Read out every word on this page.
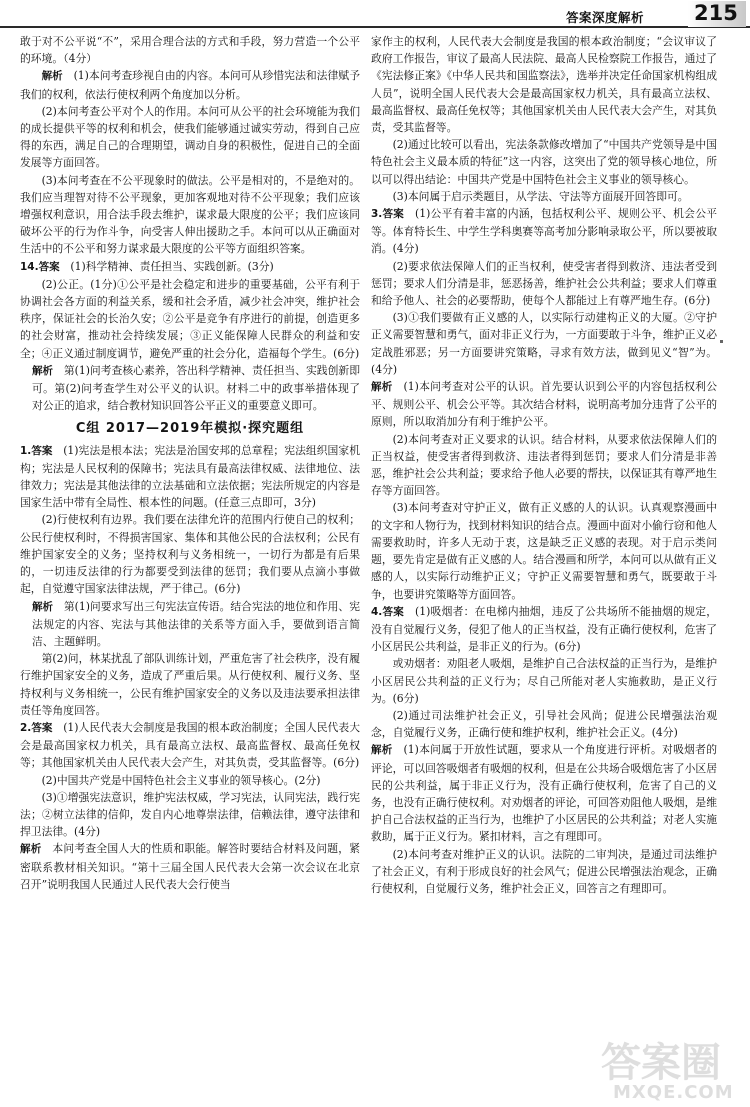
答案深度解析 215

敢于对不公平说“不”，采用合理合法的方式和手段，努力营造一个公平的环境。（4分）

解析　 (1)本问考查珍视自由的内容。本问可从珍惜宪法和法律赋予我们的权利，依法行使权利两个角度加以分析。

(2)本问考查公平对个人的作用。本问可从公平的社会环境能为我们的成长提供平等的权利和机会，使我们能够通过诚实劳动，得到自己应得的东西，满足自己的合理期望，调动自身的积极性，促进自己的全面发展等方面回答。

(3)本问考查在不公平现象时的做法。公平是相对的，不是绝对的。我们应当理智对待不公平现象，更加客观地对待不公平现象；我们应该增强权利意识，用合法手段去维护，谋求最大限度的公平；我们应该同破坏公平的行为作斗争，向受害人伸出援助之手。本问可以从正确面对生活中的不公平和努力谋求最大限度的公平等方面组织答案。

14.答案　 (1)科学精神、责任担当、实践创新。(3分)

(2)公正。(1分)①公平是社会稳定和进步的重要基础，公平有利于协调社会各方面的利益关系，缓和社会矛盾，减少社会冲突，维护社会秩序，保证社会的长治久安；②公平是竞争有序进行的前提，创造更多的社会财富，推动社会持续发展；③正义能保障人民群众的利益和安全；④正义通过制度调节，避免严重的社会分化，造福每个学生。(6分)

解析　 第(1)问考查核心素养，答出科学精神、责任担当、实践创新即可。第(2)问考查学生对公平义的认识。材料二中的政事举措体现了对公正的追求，结合教材知识回答公平正义的重要意义即可。

C组 2017—2019年模拟·探究题组

1.答案　 (1)宪法是根本法；宪法是治国安邦的总章程；宪法组织国家机构；宪法是人民权利的保障书；宪法具有最高法律权威、法律地位、法律效力；宪法是其他法律的立法基础和立法依据；宪法所规定的内容是国家生活中带有全局性、根本性的问题。(任意三点即可，3分)

(2)行使权利有边界。我们要在法律允许的范围内行使自己的权利；公民行使权利时，不得损害国家、集体和其他公民的合法权利；公民有维护国家安全的义务；坚持权利与义务相统一，一切行为都是有后果的，一切违反法律的行为都要受到法律的惩罚；我们要从点滴小事做起，自觉遵守国家法律法规，严于律己。(6分)

解析　 第(1)问要求写出三句宪法宣传语。结合宪法的地位和作用、宪法规定的内容、宪法与其他法律的关系等方面入手，要做到语言简洁、主题鲜明。

第(2)问，林某扰乱了部队训练计划，严重危害了社会秩序，没有履行维护国家安全的义务，造成了严重后果。从行使权利、履行义务、坚持权利与义务相统一，公民有维护国家安全的义务以及违法要承担法律责任等角度回答。

2.答案　 (1)人民代表大会制度是我国的根本政治制度；全国人民代表大会是最高国家权力机关，具有最高立法权、最高监督权、最高任免权等；其他国家机关由人民代表大会产生，对其负责，受其监督等。(6分)

(2)中国共产党是中国特色社会主义事业的领导核心。(2分)

(3)①增强宪法意识，维护宪法权威，学习宪法，认同宪法，践行宪法；②树立法律的信仰，发自内心地尊崇法律，信赖法律，遵守法律和捍卫法律。(4分)

解析　 本问考查全国人大的性质和职能。解答时要结合材料及问题，紧密联系教材相关知识。“第十三届全国人民代表大会第一次会议在北京召开”说明我国人民通过人民代表大会行使当

家作主的权利，人民代表大会制度是我国的根本政治制度；“会议审议了政府工作报告，审议了最高人民法院、最高人民检察院工作报告，通过了《宪法修正案》《中华人民共和国监察法》，选举并决定任命国家机构组成人员”，说明全国人民代表大会是最高国家权力机关，具有最高立法权、最高监督权、最高任免权等；其他国家机关由人民代表大会产生，对其负责，受其监督等。

(2)通过比较可以看出，宪法条款修改增加了“中国共产党领导是中国特色社会主义最本质的特征”这一内容，这突出了党的领导核心地位，所以可以得出结论：中国共产党是中国特色社会主义事业的领导核心。

(3)本问属于启示类题目，从学法、守法等方面展开回答即可。

3.答案　 (1)公平有着丰富的内涵，包括权利公平、规则公平、机会公平等。体育特长生、中学生学科奥赛等高考加分影响录取公平，所以要被取消。(4分)

(2)要求依法保障人们的正当权利，使受害者得到救济、违法者受到惩罚；要求人们分清是非，惩恶扬善，维护社会公共利益；要求人们尊重和给予他人、社会的必要帮助，使每个人都能过上有尊严地生存。(6分)

(3)①我们要做有正义感的人，以实际行动建构正义的大厦。②守护正义需要智慧和勇气，面对非正义行为，一方面要敢于斗争，维护正义必定战胜邪恶；另一方面要讲究策略，寻求有效方法，做到见义“智”为。(4分)

解析　 (1)本问考查对公平的认识。首先要认识到公平的内容包括权利公平、规则公平、机会公平等。其次结合材料，说明高考加分违背了公平的原则，所以取消加分有利于维护公平。

(2)本问考查对正义要求的认识。结合材料，从要求依法保障人们的正当权益，使受害者得到救济、违法者得到惩罚；要求人们分清是非善恶，维护社会公共利益；要求给予他人必要的帮扶，以保证其有尊严地生存等方面回答。

(3)本问考查对守护正义，做有正义感的人的认识。认真观察漫画中的文字和人物行为，找到材料知识的结合点。漫画中面对小偷行窃和他人需要救助时，许多人无动于衷，这是缺乏正义感的表现。对于启示类问题，要先肯定是做有正义感的人。结合漫画和所学，本问可以从做有正义感的人，以实际行动维护正义；守护正义需要智慧和勇气，既要敢于斗争，也要讲究策略等方面回答。

4.答案　 (1)吸烟者：在电梯内抽烟，违反了公共场所不能抽烟的规定，没有自觉履行义务，侵犯了他人的正当权益，没有正确行使权利，危害了小区居民公共利益，是非正义的行为。(6分)

或劝烟者：劝阻老人吸烟，是维护自己合法权益的正当行为，是维护小区居民公共利益的正义行为；尽自己所能对老人实施救助，是正义行为。(6分)

(2)通过司法维护社会正义，引导社会风尚；促进公民增强法治观念，自觉履行义务，正确行使和维护权利，维护社会正义。(4分)

解析　 (1)本问属于开放性试题，要求从一个角度进行评析。对吸烟者的评论，可以回答吸烟者有吸烟的权利，但是在公共场合吸烟危害了小区居民的公共利益，属于非正义行为，没有正确行使权利，危害了自己的义务，也没有正确行使权利。对劝烟者的评论，可回答劝阻他人吸烟，是维护自己合法权益的正当行为，也维护了小区居民的公共利益；对老人实施救助，属于正义行为。紧扣材料，言之有理即可。

(2)本问考查对维护正义的认识。法院的二审判决，是通过司法维护了社会正义，有利于形成良好的社会风气；促进公民增强法治观念，正确行使权利，自觉履行义务，维护社会正义，回答言之有理即可。

答案圈
MXQE.COM
